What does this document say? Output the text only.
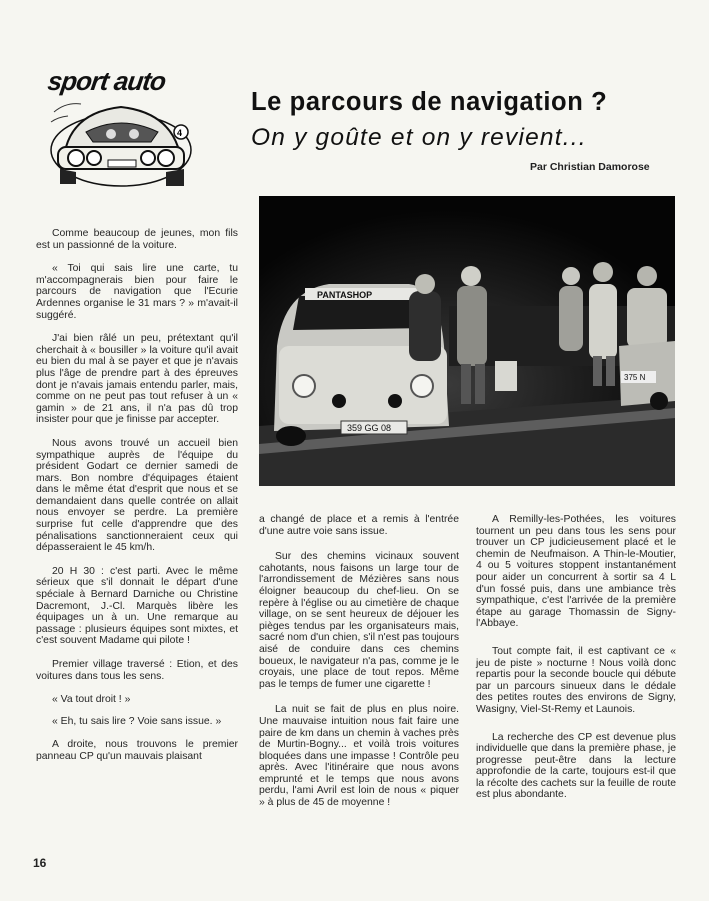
sport auto
4
Le parcours de navigation ?
On y goûte et on y revient...
Par Christian Damorose
PANTASHOP
359 GG 08
375 N

Comme beaucoup de jeunes, mon fils est un passionné de la voiture.

« Toi qui sais lire une carte, tu m'accompagnerais bien pour faire le parcours de navigation que l'Ecurie Ardennes organise le 31 mars ? » m'avait-il suggéré.

J'ai bien râlé un peu, prétextant qu'il cherchait à « bousiller » la voiture qu'il avait eu bien du mal à se payer et que je n'avais plus l'âge de prendre part à des épreuves dont je n'avais jamais entendu parler, mais, comme on ne peut pas tout refuser à un « gamin » de 21 ans, il n'a pas dû trop insister pour que je finisse par accepter.

Nous avons trouvé un accueil bien sympathique auprès de l'équipe du président Godart ce dernier samedi de mars. Bon nombre d'équipages étaient dans le même état d'esprit que nous et se demandaient dans quelle contrée on allait nous envoyer se perdre. La première surprise fut celle d'apprendre que des pénalisations sanctionneraient ceux qui dépasseraient le 45 km/h.

20 H 30 : c'est parti. Avec le même sérieux que s'il donnait le départ d'une spéciale à Bernard Darniche ou Christine Dacremont, J.-Cl. Marquès libère les équipages un à un. Une remarque au passage : plusieurs équipes sont mixtes, et c'est souvent Madame qui pilote !

Premier village traversé : Etion, et des voitures dans tous les sens.

« Va tout droit ! »

« Eh, tu sais lire ? Voie sans issue. »

A droite, nous trouvons le premier panneau CP qu'un mauvais plaisant

a changé de place et a remis à l'entrée d'une autre voie sans issue.

Sur des chemins vicinaux souvent cahotants, nous faisons un large tour de l'arrondissement de Mézières sans nous éloigner beaucoup du chef-lieu. On se repère à l'église ou au cimetière de chaque village, on se sent heureux de déjouer les pièges tendus par les organisateurs mais, sacré nom d'un chien, s'il n'est pas toujours aisé de conduire dans ces chemins boueux, le navigateur n'a pas, comme je le croyais, une place de tout repos. Même pas le temps de fumer une cigarette !

La nuit se fait de plus en plus noire. Une mauvaise intuition nous fait faire une paire de km dans un chemin à vaches près de Murtin-Bogny... et voilà trois voitures bloquées dans une impasse ! Contrôle peu après. Avec l'itinéraire que nous avons emprunté et le temps que nous avons perdu, l'ami Avril est loin de nous « piquer » à plus de 45 de moyenne !

A Remilly-les-Pothées, les voitures tournent un peu dans tous les sens pour trouver un CP judicieusement placé et le chemin de Neufmaison. A Thin-le-Moutier, 4 ou 5 voitures stoppent instantanément pour aider un concurrent à sortir sa 4 L d'un fossé puis, dans une ambiance très sympathique, c'est l'arrivée de la première étape au garage Thomassin de Signy-l'Abbaye.

Tout compte fait, il est captivant ce « jeu de piste » nocturne ! Nous voilà donc repartis pour la seconde boucle qui débute par un parcours sinueux dans le dédale des petites routes des environs de Signy, Wasigny, Viel-St-Remy et Launois.

La recherche des CP est devenue plus individuelle que dans la première phase, je progresse peut-être dans la lecture approfondie de la carte, toujours est-il que la récolte des cachets sur la feuille de route est plus abondante.

16
